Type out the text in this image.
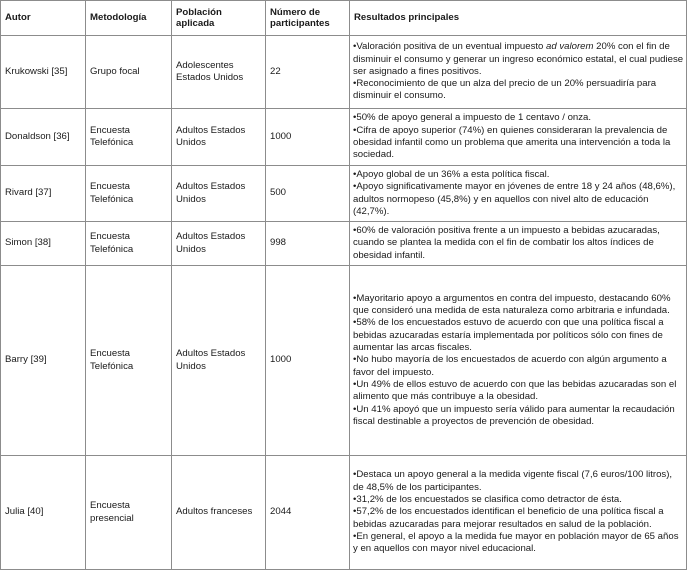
Autor	Metodología	Población aplicada	Número de participantes	Resultados principales
Krukowski [35]	Grupo focal	Adolescentes Estados Unidos	22	•Valoración positiva de un eventual impuesto ad valorem 20% con el fin de disminuir el consumo y generar un ingreso económico estatal, el cual pudiese ser asignado a fines positivos.
•Reconocimiento de que un alza del precio de un 20% persuadiría para disminuir el consumo.

Donaldson [36]	Encuesta Telefónica	Adultos Estados Unidos	1000	•50% de apoyo general a impuesto de 1 centavo / onza.
•Cifra de apoyo superior (74%) en quienes consideraran la prevalencia de obesidad infantil como un problema que amerita una intervención a toda la sociedad.

Rivard [37]	Encuesta Telefónica	Adultos Estados Unidos	500	•Apoyo global de un 36% a esta política fiscal.
•Apoyo significativamente mayor en jóvenes de entre 18 y 24 años (48,6%), adultos normopeso (45,8%) y en aquellos con nivel alto de educación (42,7%).

Simon [38]	Encuesta Telefónica	Adultos Estados Unidos	998	•60% de valoración positiva frente a un impuesto a bebidas azucaradas, cuando se plantea la medida con el fin de combatir los altos índices de obesidad infantil.

Barry [39]	Encuesta Telefónica	Adultos Estados Unidos	1000	•Mayoritario apoyo a argumentos en contra del impuesto, destacando 60% que consideró una medida de esta naturaleza como arbitraria e infundada.
•58% de los encuestados estuvo de acuerdo con que una política fiscal a bebidas azucaradas estaría implementada por políticos sólo con fines de aumentar las arcas fiscales.
•No hubo mayoría de los encuestados de acuerdo con algún argumento a favor del impuesto.
•Un 49% de ellos estuvo de acuerdo con que las bebidas azucaradas son el alimento que más contribuye a la obesidad.
•Un 41% apoyó que un impuesto sería válido para aumentar la recaudación fiscal destinable a proyectos de prevención de obesidad.

Julia [40]	Encuesta presencial	Adultos franceses	2044	•Destaca un apoyo general a la medida vigente fiscal (7,6 euros/100 litros), de 48,5% de los participantes.
•31,2% de los encuestados se clasifica como detractor de ésta.
•57,2% de los encuestados identifican el beneficio de una política fiscal a bebidas azucaradas para mejorar resultados en salud de la población.
•En general, el apoyo a la medida fue mayor en población mayor de 65 años y en aquellos con mayor nivel educacional.
